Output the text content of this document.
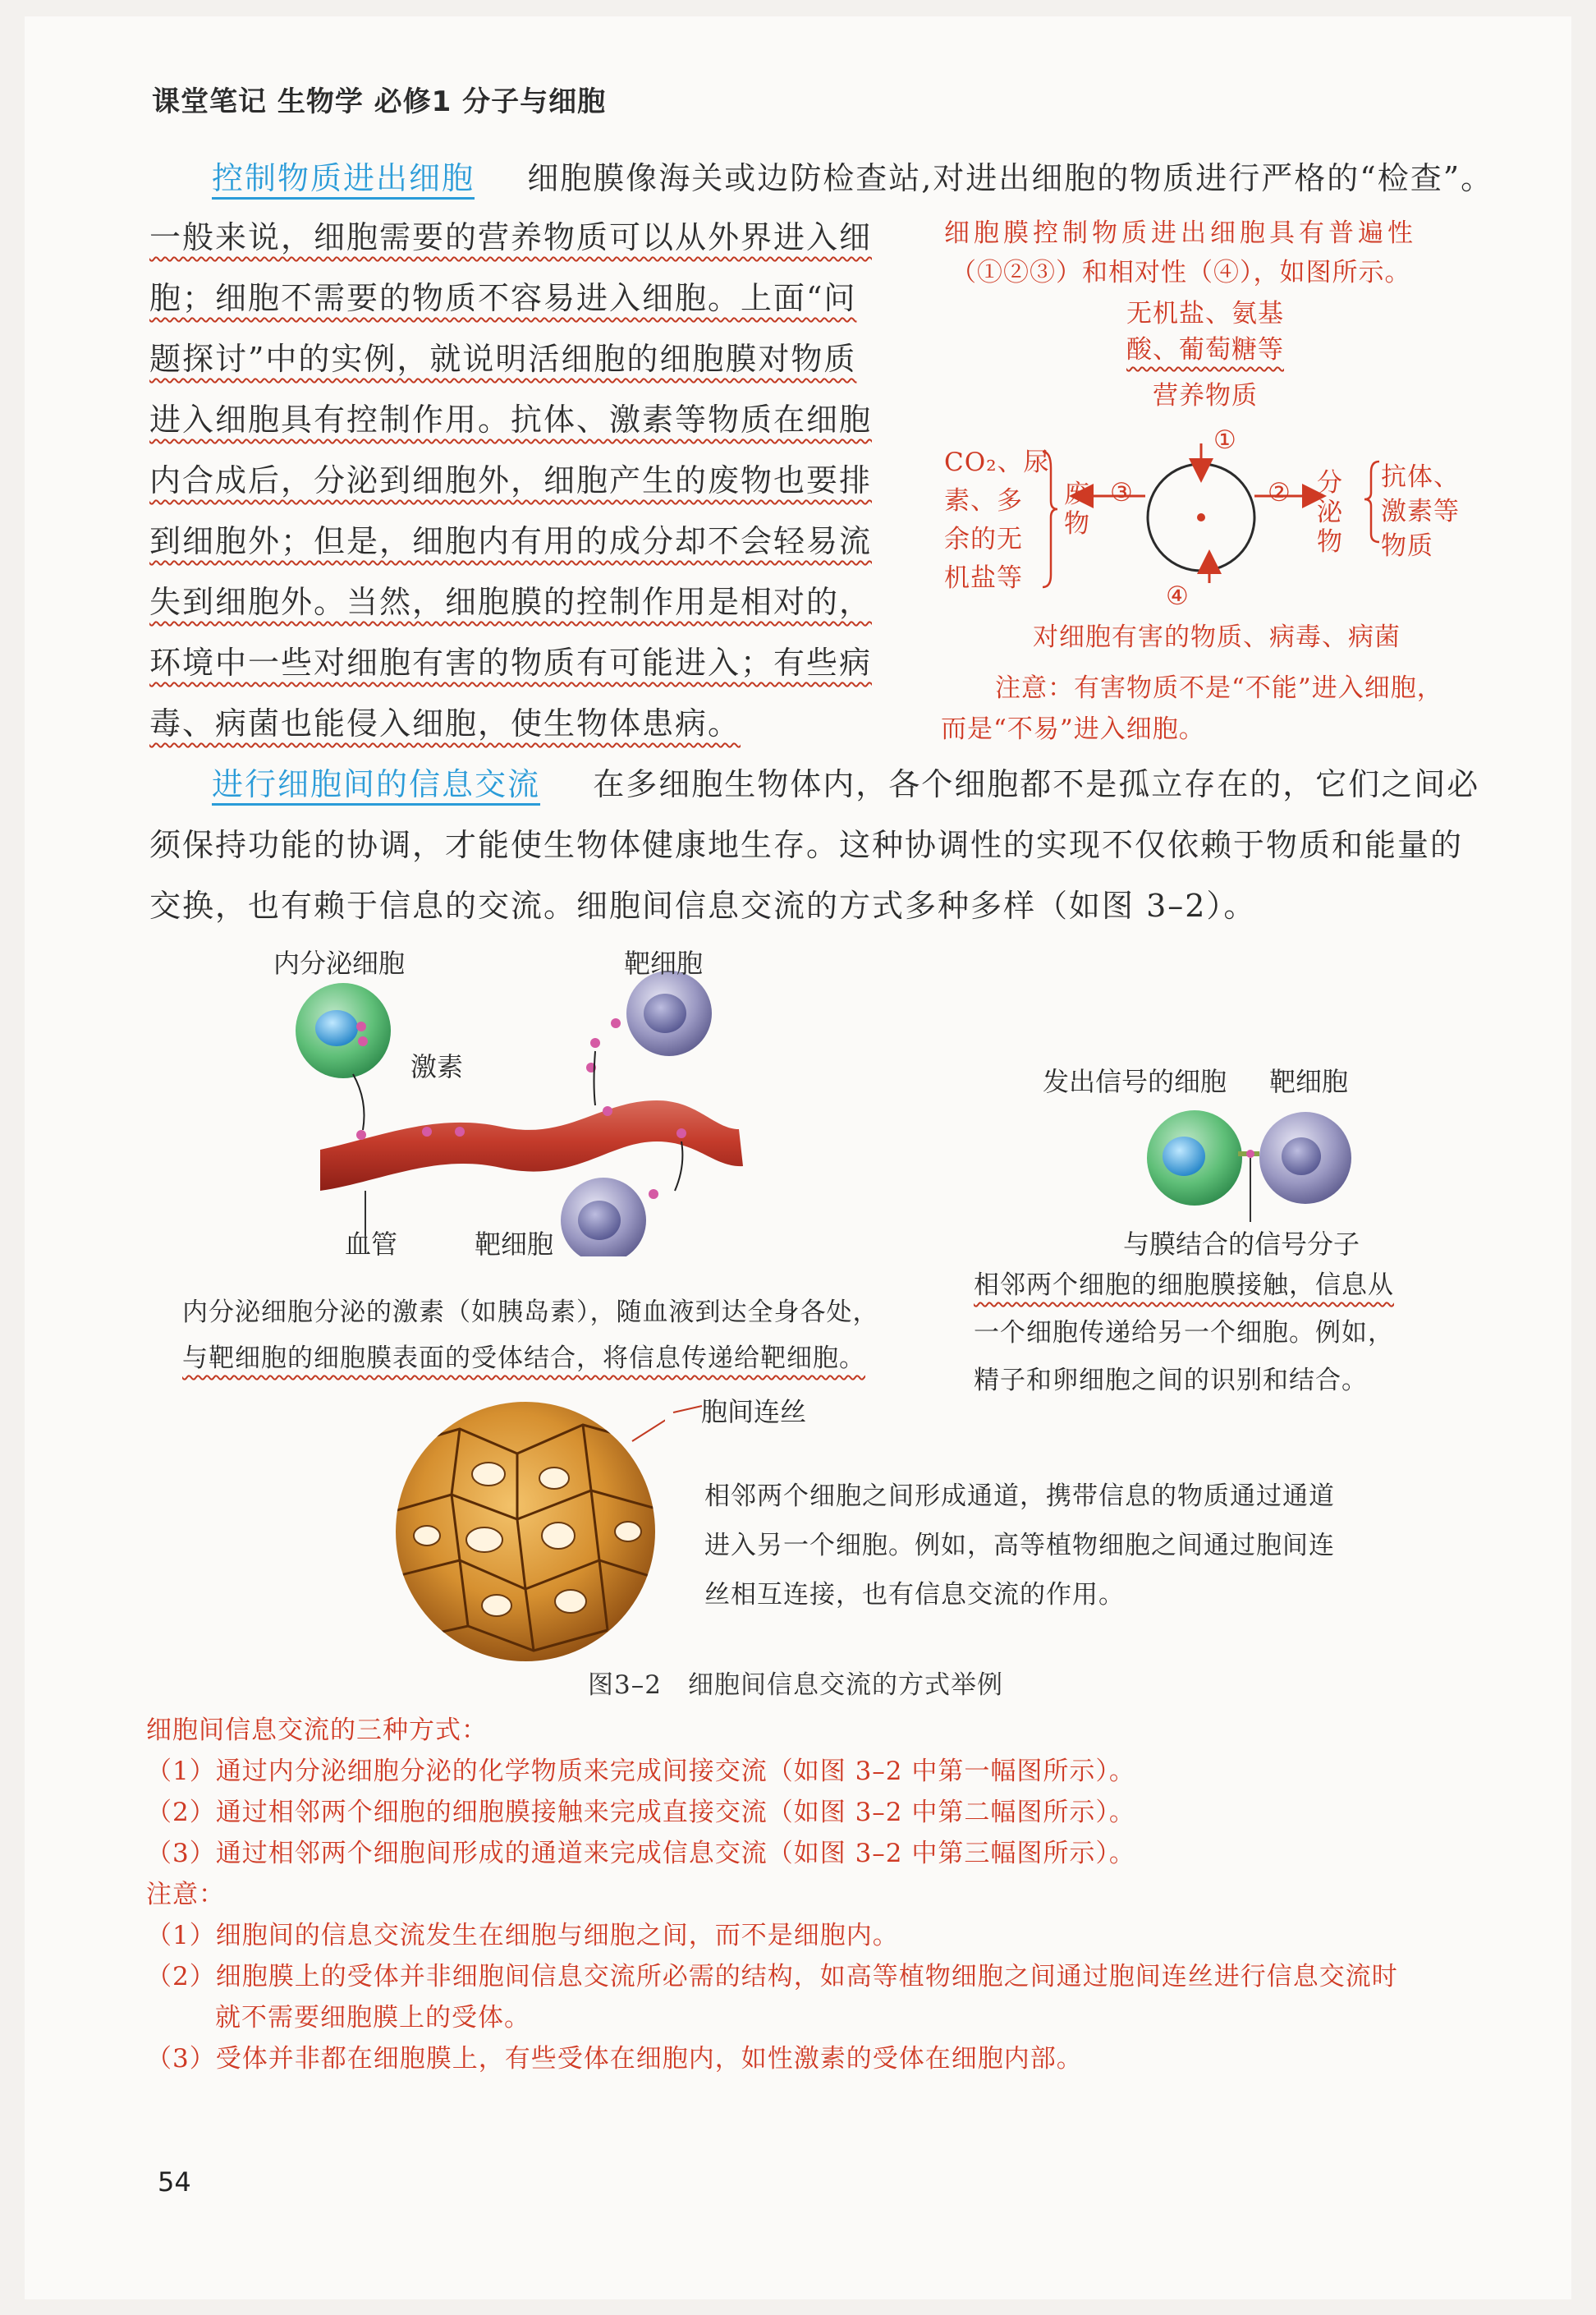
课堂笔记 生物学 必修1 分子与细胞
控制物质进出细胞 细胞膜像海关或边防检查站,对进出细胞的物质进行严格的“检查”。
一般来说，细胞需要的营养物质可以从外界进入细
胞；细胞不需要的物质不容易进入细胞。上面“问
题探讨”中的实例，就说明活细胞的细胞膜对物质
进入细胞具有控制作用。抗体、激素等物质在细胞
内合成后，分泌到细胞外，细胞产生的废物也要排
到细胞外；但是，细胞内有用的成分却不会轻易流
失到细胞外。当然，细胞膜的控制作用是相对的，
环境中一些对细胞有害的物质有可能进入；有些病
毒、病菌也能侵入细胞，使生物体患病。
细胞膜控制物质进出细胞具有普遍性
（①②③）和相对性（④），如图所示。
无机盐、氨基
酸、葡萄糖等
营养物质
①
③	②
④
CO₂、尿
素、多
余的无
机盐等
废物
分泌物
抗体、
激素等
物质
对细胞有害的物质、病毒、病菌
注意：有害物质不是“不能”进入细胞，
而是“不易”进入细胞。
进行细胞间的信息交流 在多细胞生物体内，各个细胞都不是孤立存在的，它们之间必
须保持功能的协调，才能使生物体健康地生存。这种协调性的实现不仅依赖于物质和能量的
交换，也有赖于信息的交流。细胞间信息交流的方式多种多样（如图 3–2）。
内分泌细胞	靶细胞
激素
血管	靶细胞
内分泌细胞分泌的激素（如胰岛素），随血液到达全身各处，
与靶细胞的细胞膜表面的受体结合，将信息传递给靶细胞。
发出信号的细胞 靶细胞
与膜结合的信号分子
相邻两个细胞的细胞膜接触，信息从
一个细胞传递给另一个细胞。例如，
精子和卵细胞之间的识别和结合。
胞间连丝
相邻两个细胞之间形成通道，携带信息的物质通过通道
进入另一个细胞。例如，高等植物细胞之间通过胞间连
丝相互连接，也有信息交流的作用。
图3–2　细胞间信息交流的方式举例
细胞间信息交流的三种方式：
（1）通过内分泌细胞分泌的化学物质来完成间接交流（如图 3–2 中第一幅图所示）。
（2）通过相邻两个细胞的细胞膜接触来完成直接交流（如图 3–2 中第二幅图所示）。
（3）通过相邻两个细胞间形成的通道来完成信息交流（如图 3–2 中第三幅图所示）。
注意：
（1）细胞间的信息交流发生在细胞与细胞之间，而不是细胞内。
（2）细胞膜上的受体并非细胞间信息交流所必需的结构，如高等植物细胞之间通过胞间连丝进行信息交流时
就不需要细胞膜上的受体。
（3）受体并非都在细胞膜上，有些受体在细胞内，如性激素的受体在细胞内部。
54
